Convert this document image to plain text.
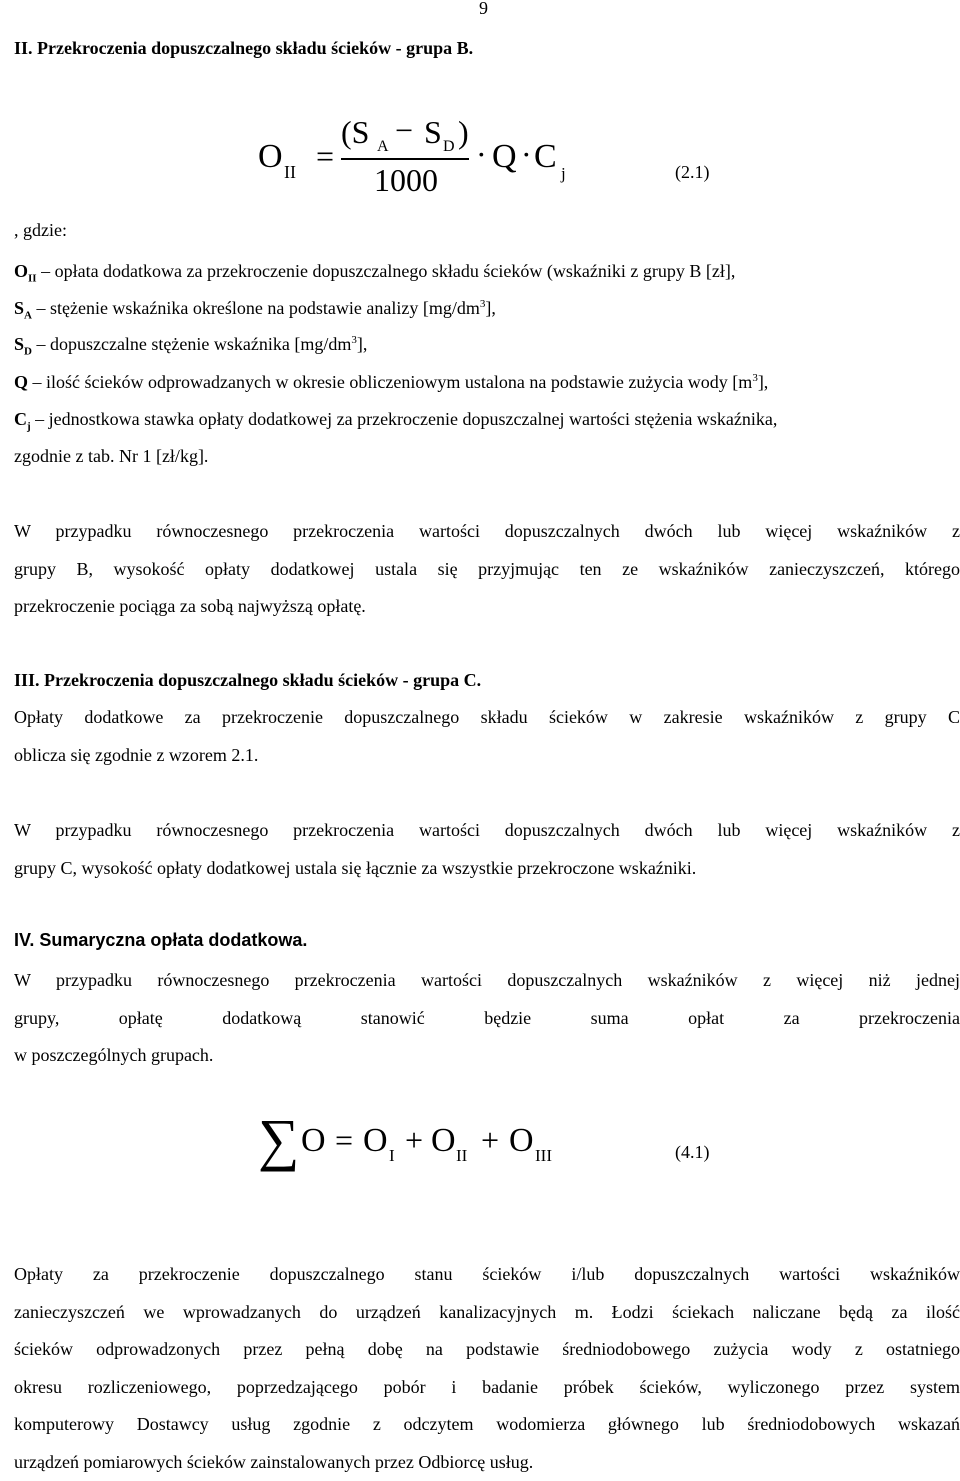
9
II. Przekroczenia dopuszczalnego składu ścieków - grupa B.
O II =
(S A − S D )
1000
· Q · C j	(2.1)
, gdzie:
$O_{II}$ – opłata dodatkowa za przekroczenie dopuszczalnego składu ścieków (wskaźniki z grupy B [zł],
$S_A$ – stężenie wskaźnika określone na podstawie analizy $[mg/dm^3]$,
$S_D$ – dopuszczalne stężenie wskaźnika $[mg/dm^3]$,
Q – ilość ścieków odprowadzanych w okresie obliczeniowym ustalona na podstawie zużycia wody $[m^3]$,
$C_j$ – jednostkowa stawka opłaty dodatkowej za przekroczenie dopuszczalnej wartości stężenia wskaźnika,
zgodnie z tab. Nr 1 [zł/kg].
W przypadku równoczesnego przekroczenia wartości dopuszczalnych dwóch lub więcej wskaźników z
grupy B, wysokość opłaty dodatkowej ustala się przyjmując ten ze wskaźników zanieczyszczeń, którego
przekroczenie pociąga za sobą najwyższą opłatę.
III. Przekroczenia dopuszczalnego składu ścieków - grupa C.
Opłaty dodatkowe za przekroczenie dopuszczalnego składu ścieków w zakresie wskaźników z grupy C
oblicza się zgodnie z wzorem 2.1.
W przypadku równoczesnego przekroczenia wartości dopuszczalnych dwóch lub więcej wskaźników z
grupy C, wysokość opłaty dodatkowej ustala się łącznie za wszystkie przekroczone wskaźniki.
IV. Sumaryczna opłata dodatkowa.
W przypadku równoczesnego przekroczenia wartości dopuszczalnych wskaźników z więcej niż jednej
grupy, opłatę dodatkową stanowić będzie suma opłat za przekroczenia
w poszczególnych grupach.
∑ O = O I + O II + O III	(4.1)
Opłaty za przekroczenie dopuszczalnego stanu ścieków i/lub dopuszczalnych wartości wskaźników
zanieczyszczeń we wprowadzanych do urządzeń kanalizacyjnych m. Łodzi ściekach naliczane będą za ilość
ścieków odprowadzonych przez pełną dobę na podstawie średniodobowego zużycia wody z ostatniego
okresu rozliczeniowego, poprzedzającego pobór i badanie próbek ścieków, wyliczonego przez system
komputerowy Dostawcy usług zgodnie z odczytem wodomierza głównego lub średniodobowych wskazań
urządzeń pomiarowych ścieków zainstalowanych przez Odbiorcę usług.
